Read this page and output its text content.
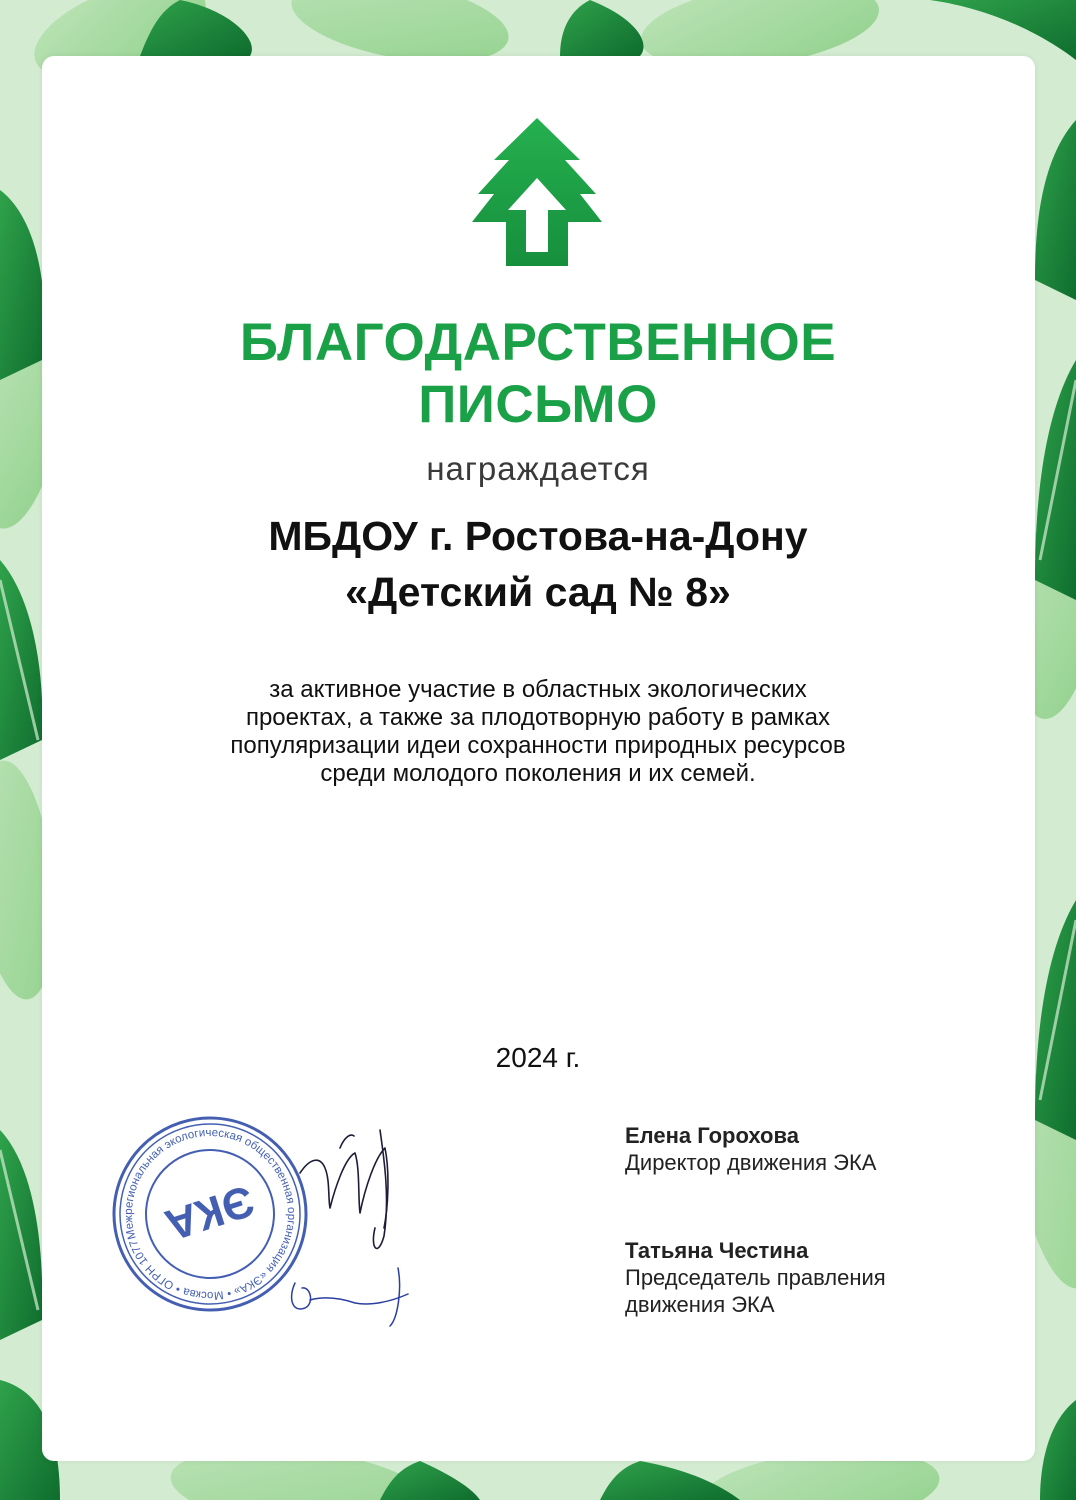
БЛАГОДАРСТВЕННОЕ
ПИСЬМО
награждается
МБДОУ г. Ростова-на-Дону
«Детский сад № 8»
за активное участие в областных экологических
проектах, а также за плодотворную работу в рамках
популяризации идеи сохранности природных ресурсов
среди молодого поколения и их семей.
2024 г.
Межрегиональная экологическая общественная организация «ЭКА» • Москва • ОГРН 1077799034530
ЭКА
Елена Горохова
Директор движения ЭКА
Татьяна Честина
Председатель правления
движения ЭКА
